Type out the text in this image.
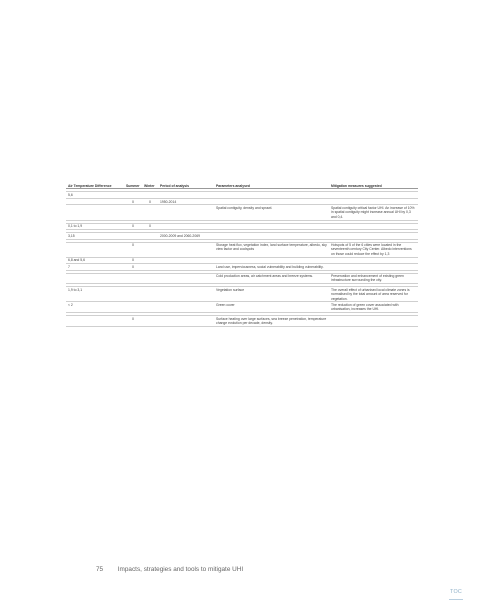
Air Temperature Difference	Summer	Winter	Period of analysis	Parameters analysed	Mitigation measures suggested

5,6					
	X	X	1950-2014		
				Spatial contiguity, density and sprawl.	Spatial contiguity critical factor UHI. An increase of 10% in spatial contiguity might increase annual UHI by 0,3 and 0,4.

0,1 to 1,9	X	X			

3,15			2000-2009 and 2060-2069		

	X			Storage heat flux, vegetation index, land surface temperature, albedo, sky view factor and coolspots	Hotspots of 5 of the 6 cities were located in the seventeenth century City Center. Albedo interventions on those could reduce the effect by 1,3
6,8 and 5,6	X				
7	X			Land use, imperviousness, social vulnerability and building vulnerability.	

				Cold production areas, air catchment areas and breeze systems.	Preservation and enhancement of existing green infrastructure surrounding the city.

1,9 to 3,1				Vegetation surface	The overall effect of urbanised local climate zones is normalised by the total amount of area reserved for vegetation.
< 2				Green cover	The reduction of green cover associated with urbanisation, increases the UHI.

	X			Surface heating over large surfaces, sea breeze penetration, temperature change evolution per decade, density.	
75 Impacts, strategies and tools to mitigate UHI
TOC
